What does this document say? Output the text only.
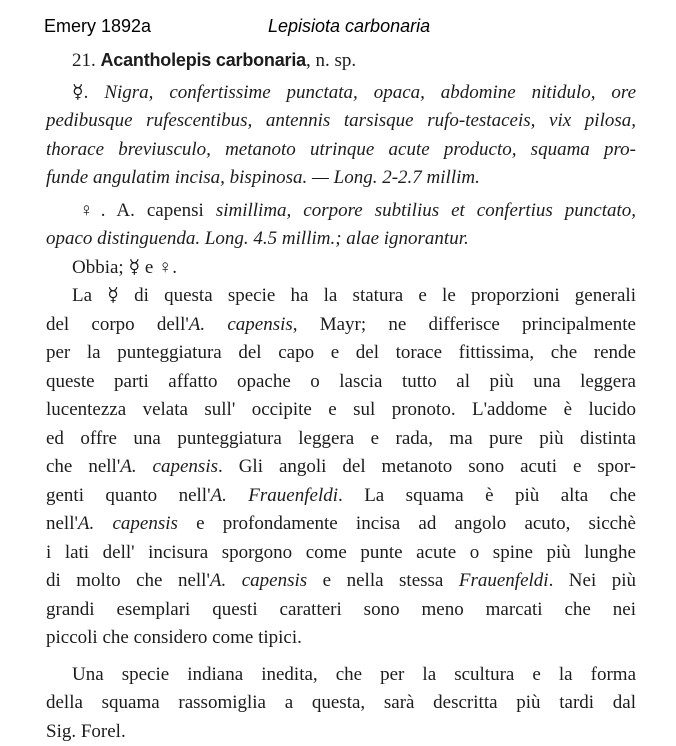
Emery 1892a	Lepisiota carbonaria
21. Acantholepis carbonaria, n. sp.
☿. Nigra, confertissime punctata, opaca, abdomine nitidulo, ore
pedibusque rufescentibus, antennis tarsisque rufo-testaceis, vix pilosa,
thorace breviusculo, metanoto utrinque acute producto, squama pro-
funde angulatim incisa, bispinosa. — Long. 2-2.7 millim.
♀. A. capensi simillima, corpore subtilius et confertius punctato,
opaco distinguenda. Long. 4.5 millim.; alae ignorantur.
Obbia; ☿ e ♀.
La ☿ di questa specie ha la statura e le proporzioni generali
del corpo dell'A. capensis, Mayr; ne differisce principalmente
per la punteggiatura del capo e del torace fittissima, che rende
queste parti affatto opache o lascia tutto al più una leggera
lucentezza velata sull' occipite e sul pronoto. L'addome è lucido
ed offre una punteggiatura leggera e rada, ma pure più distinta
che nell'A. capensis. Gli angoli del metanoto sono acuti e spor-
genti quanto nell'A. Frauenfeldi. La squama è più alta che
nell'A. capensis e profondamente incisa ad angolo acuto, sicchè
i lati dell' incisura sporgono come punte acute o spine più lunghe
di molto che nell'A. capensis e nella stessa Frauenfeldi. Nei più
grandi esemplari questi caratteri sono meno marcati che nei
piccoli che considero come tipici.
Una specie indiana inedita, che per la scultura e la forma
della squama rassomiglia a questa, sarà descritta più tardi dal
Sig. Forel.
